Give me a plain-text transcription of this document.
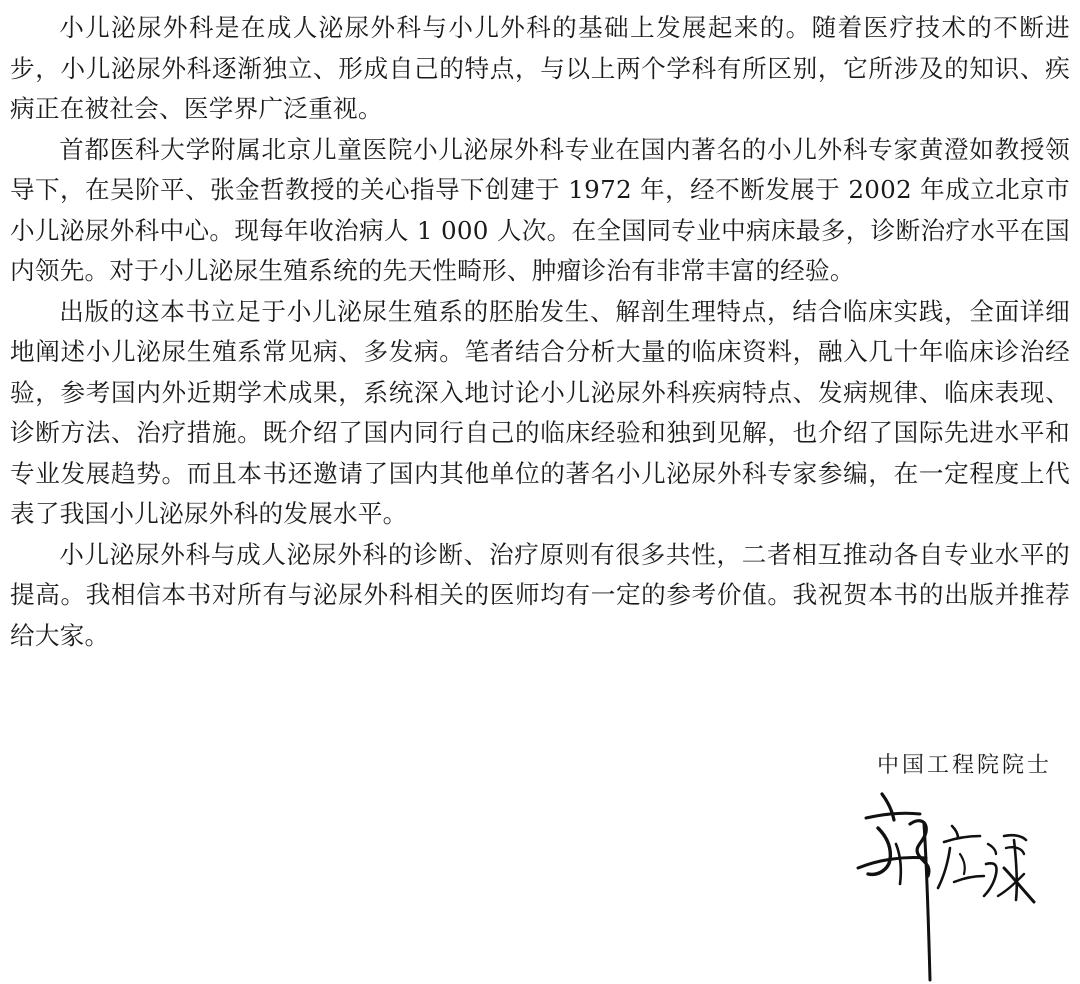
小儿泌尿外科是在成人泌尿外科与小儿外科的基础上发展起来的。随着医疗技术的不断进步，小儿泌尿外科逐渐独立、形成自己的特点，与以上两个学科有所区别，它所涉及的知识、疾病正在被社会、医学界广泛重视。

首都医科大学附属北京儿童医院小儿泌尿外科专业在国内著名的小儿外科专家黄澄如教授领导下，在吴阶平、张金哲教授的关心指导下创建于 1972 年，经不断发展于 2002 年成立北京市小儿泌尿外科中心。现每年收治病人 1 000 人次。在全国同专业中病床最多，诊断治疗水平在国内领先。对于小儿泌尿生殖系统的先天性畸形、肿瘤诊治有非常丰富的经验。

出版的这本书立足于小儿泌尿生殖系的胚胎发生、解剖生理特点，结合临床实践，全面详细地阐述小儿泌尿生殖系常见病、多发病。笔者结合分析大量的临床资料，融入几十年临床诊治经验，参考国内外近期学术成果，系统深入地讨论小儿泌尿外科疾病特点、发病规律、临床表现、诊断方法、治疗措施。既介绍了国内同行自己的临床经验和独到见解，也介绍了国际先进水平和专业发展趋势。而且本书还邀请了国内其他单位的著名小儿泌尿外科专家参编，在一定程度上代表了我国小儿泌尿外科的发展水平。

小儿泌尿外科与成人泌尿外科的诊断、治疗原则有很多共性，二者相互推动各自专业水平的提高。我相信本书对所有与泌尿外科相关的医师均有一定的参考价值。我祝贺本书的出版并推荐给大家。

中国工程院院士
